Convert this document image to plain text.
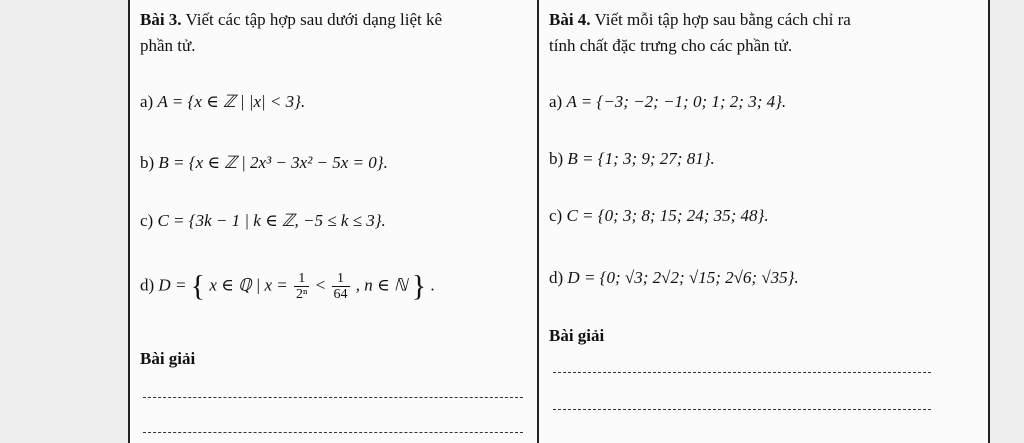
Bài 3. Viết các tập hợp sau dưới dạng liệt kê
phần tử.
a) A = {x ∈ ℤ | |x| < 3}.
b) B = {x ∈ ℤ | 2x³ − 3x² − 5x = 0}.
c) C = {3k − 1 | k ∈ ℤ, −5 ≤ k ≤ 3}.
d) D = { x ∈ ℚ | $x = \frac{1}{\text{2ⁿ}} < \frac{1}{64}$ , n ∈ ℕ } .
Bài giải
Bài 4. Viết mỗi tập hợp sau bằng cách chỉ ra
tính chất đặc trưng cho các phần tử.
a) A = {−3; −2; −1; 0; 1; 2; 3; 4}.
b) B = {1; 3; 9; 27; 81}.
c) C = {0; 3; 8; 15; 24; 35; 48}.
d) D = {0; √3; 2√2; √15; 2√6; √35}.
Bài giải
